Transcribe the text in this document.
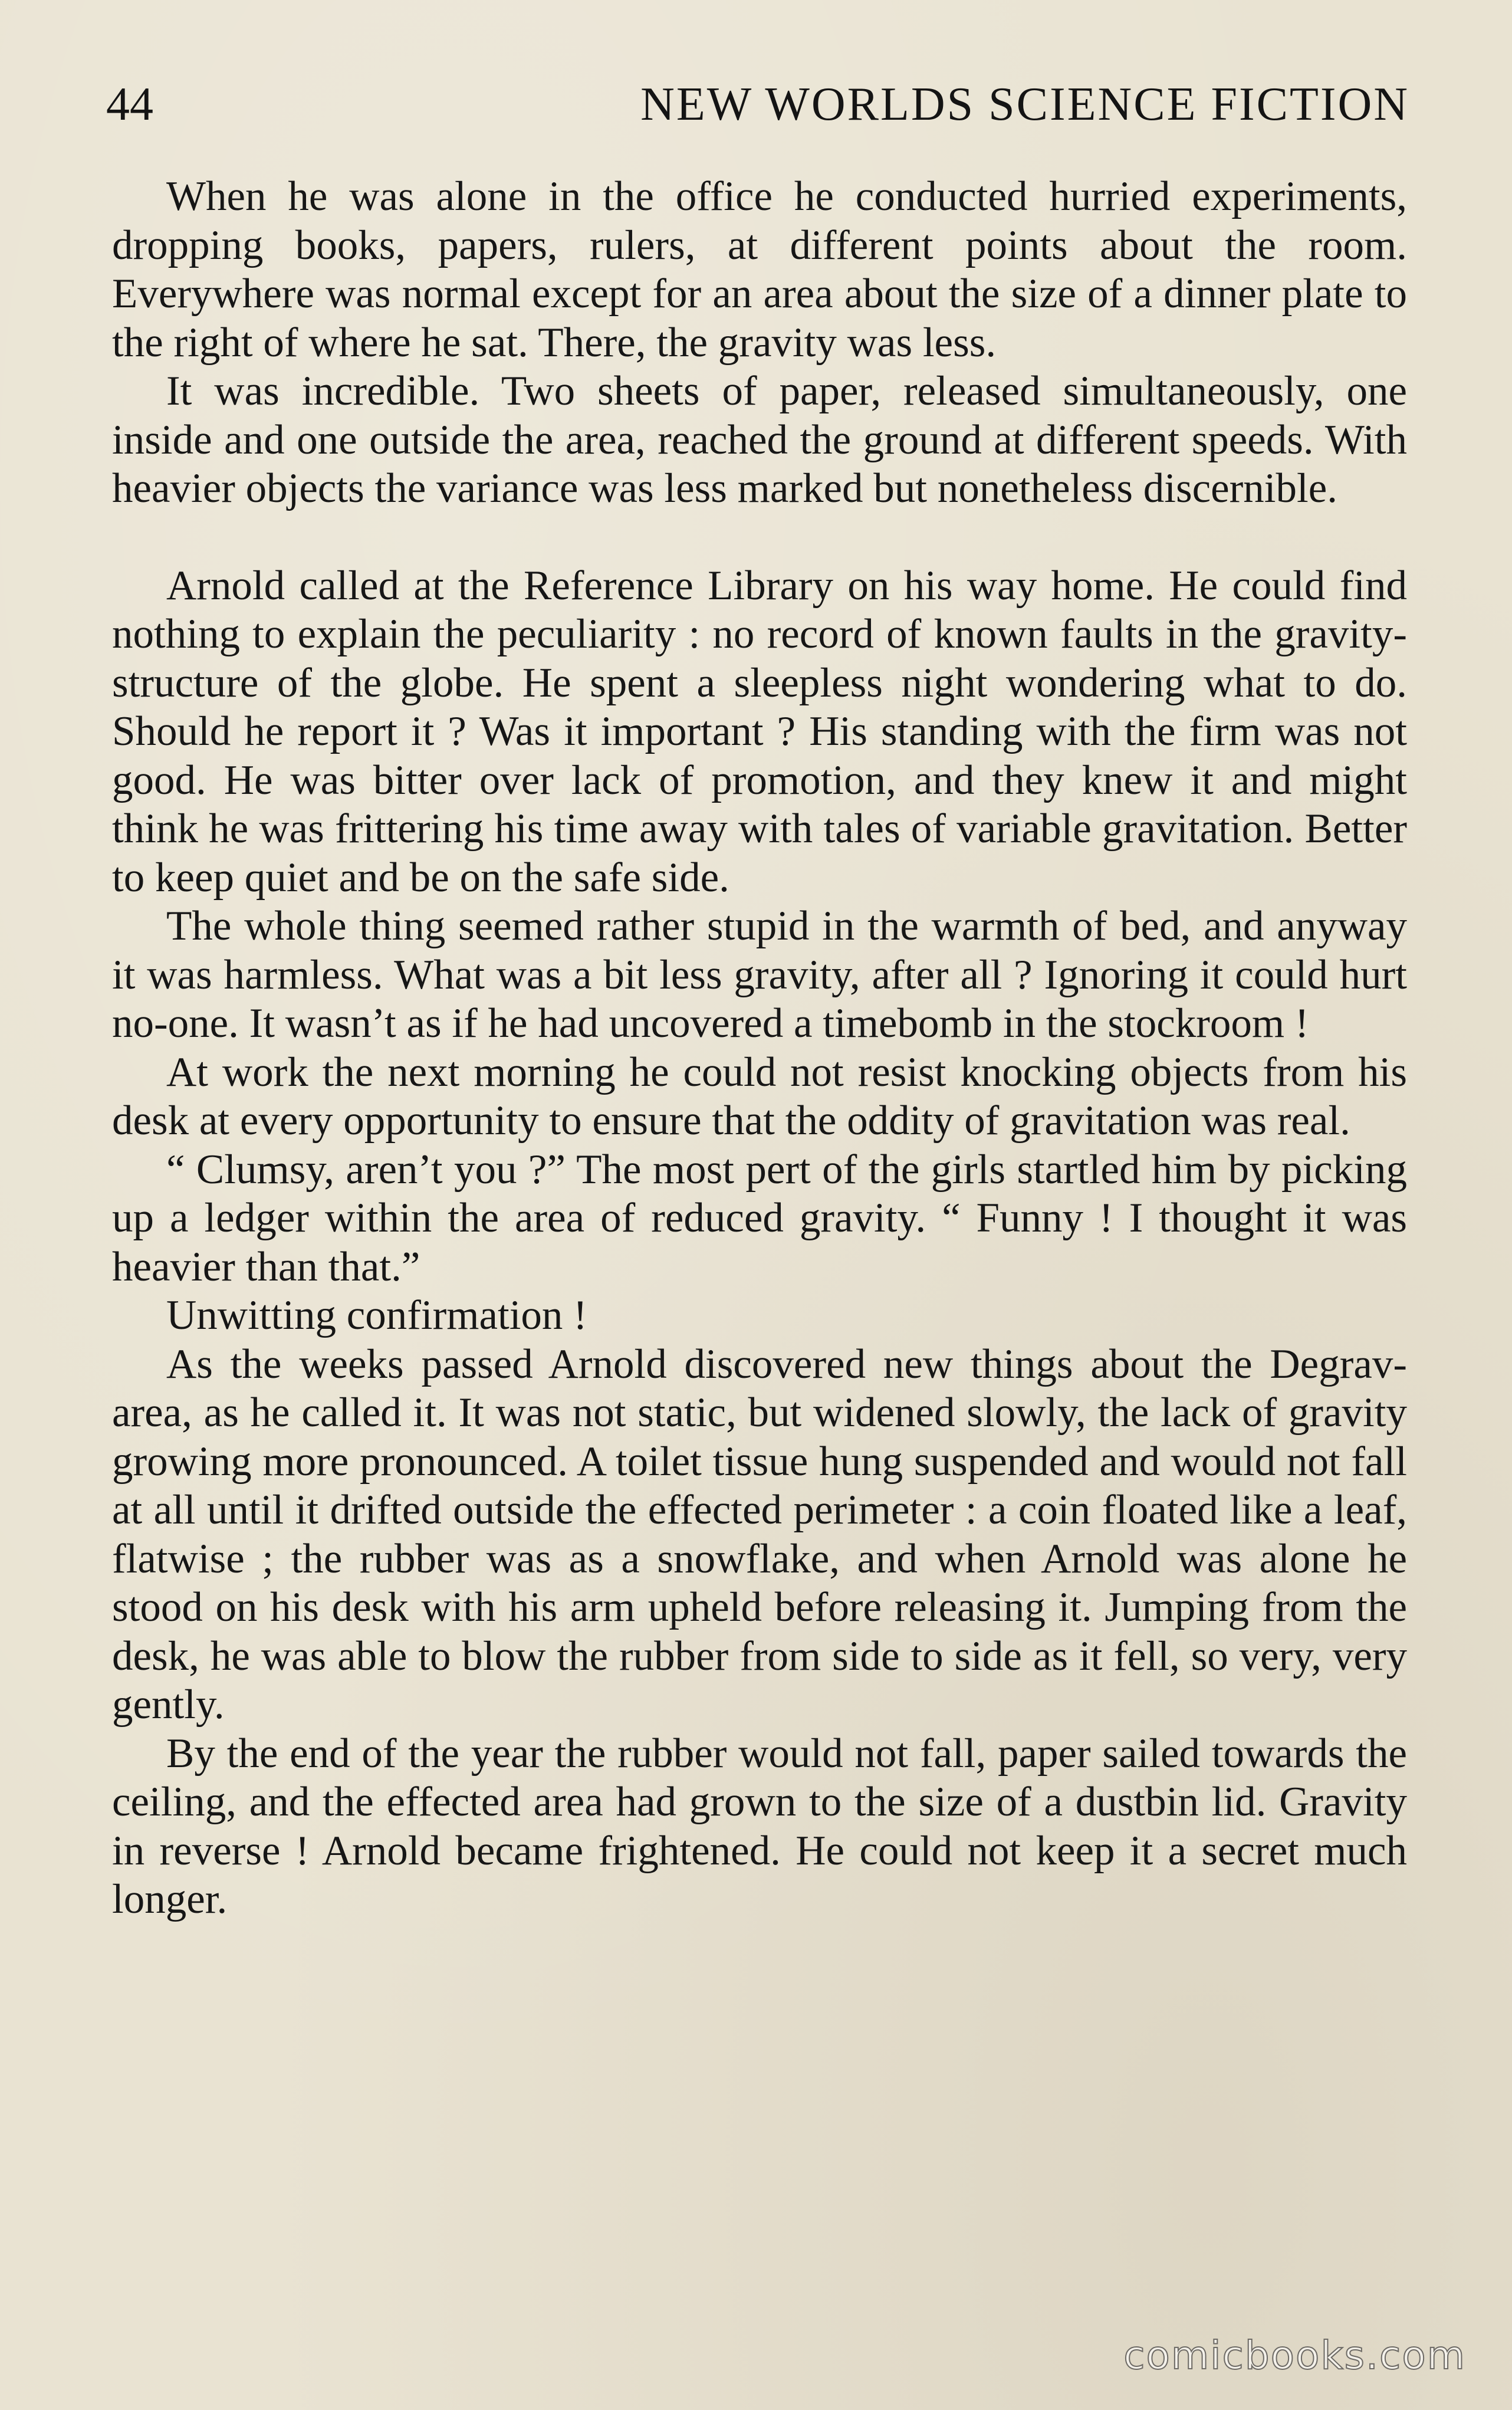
44	NEW WORLDS SCIENCE FICTION

When he was alone in the office he conducted hurried experiments, dropping books, papers, rulers, at different points about the room. Everywhere was normal except for an area about the size of a dinner plate to the right of where he sat. There, the gravity was less.

It was incredible. Two sheets of paper, released simultaneously, one inside and one outside the area, reached the ground at different speeds. With heavier objects the variance was less marked but nonetheless discernible.

Arnold called at the Reference Library on his way home. He could find nothing to explain the peculiarity : no record of known faults in the gravity-structure of the globe. He spent a sleepless night wondering what to do. Should he report it ? Was it important ? His standing with the firm was not good. He was bitter over lack of promotion, and they knew it and might think he was frittering his time away with tales of variable gravitation. Better to keep quiet and be on the safe side.

The whole thing seemed rather stupid in the warmth of bed, and anyway it was harmless. What was a bit less gravity, after all ? Ignoring it could hurt no-one. It wasn’t as if he had uncovered a timebomb in the stockroom !

At work the next morning he could not resist knocking objects from his desk at every opportunity to ensure that the oddity of gravitation was real.

“ Clumsy, aren’t you ?” The most pert of the girls startled him by picking up a ledger within the area of reduced gravity. “ Funny ! I thought it was heavier than that.”

Unwitting confirmation !

As the weeks passed Arnold discovered new things about the Degrav-area, as he called it. It was not static, but widened slowly, the lack of gravity growing more pronounced. A toilet tissue hung suspended and would not fall at all until it drifted outside the effected perimeter : a coin floated like a leaf, flatwise ; the rubber was as a snowflake, and when Arnold was alone he stood on his desk with his arm upheld before releasing it. Jumping from the desk, he was able to blow the rubber from side to side as it fell, so very, very gently.

By the end of the year the rubber would not fall, paper sailed towards the ceiling, and the effected area had grown to the size of a dustbin lid. Gravity in reverse ! Arnold became frightened. He could not keep it a secret much longer.

comicbooks.com
